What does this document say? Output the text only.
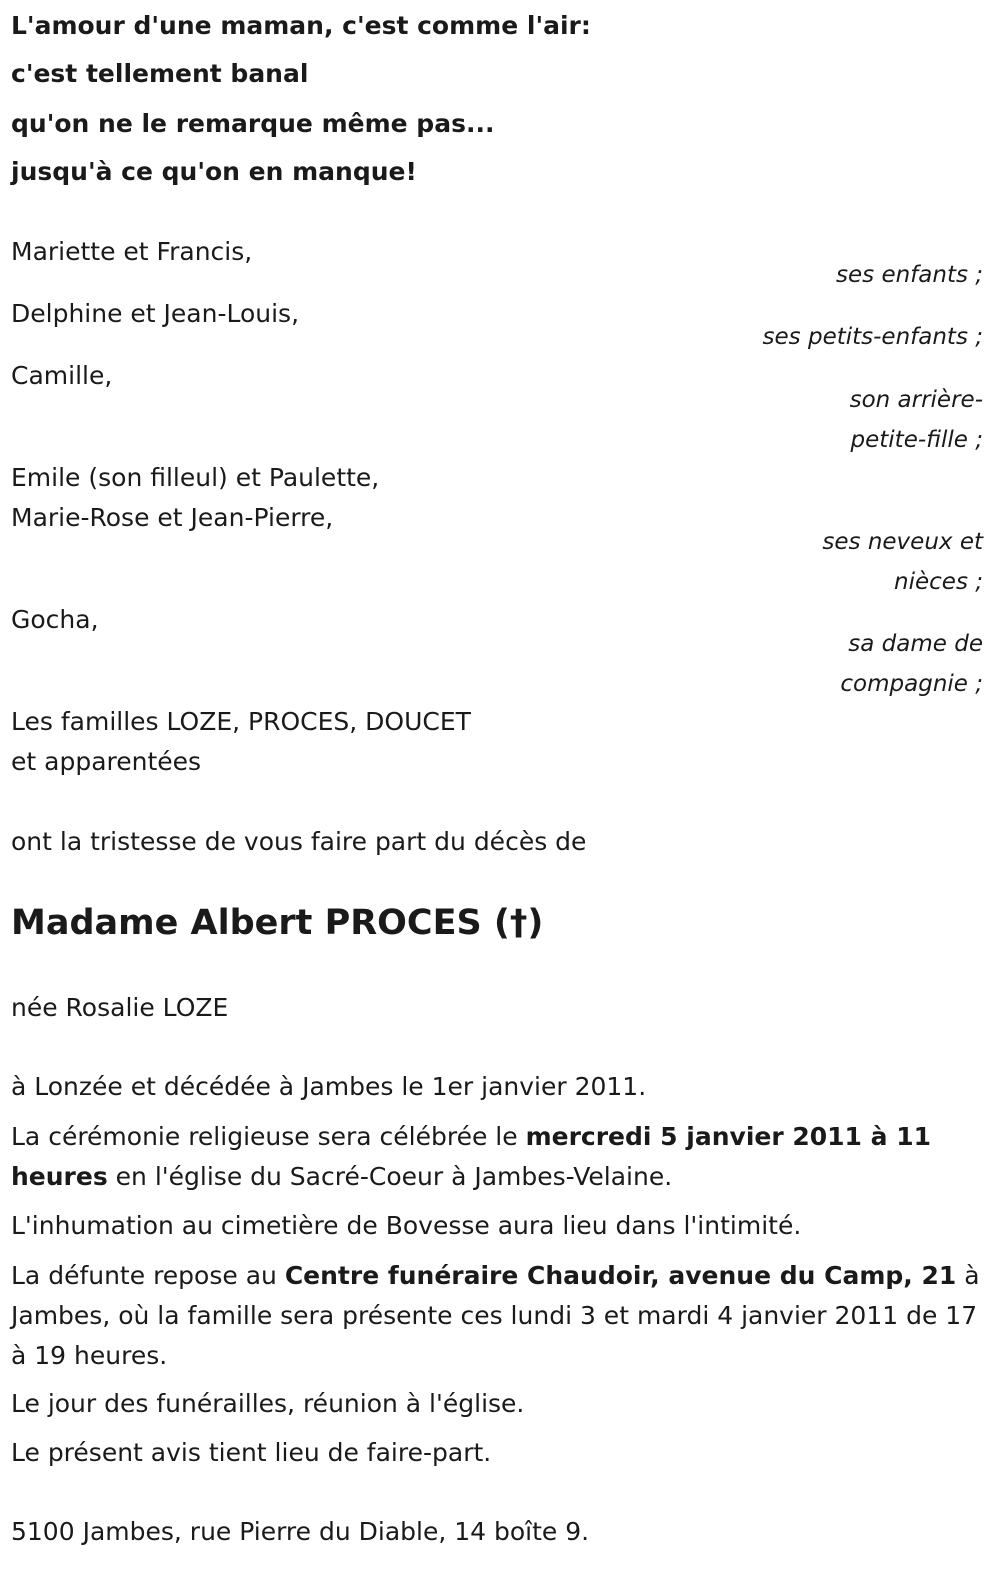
L'amour d'une maman, c'est comme l'air:
c'est tellement banal
qu'on ne le remarque même pas...
jusqu'à ce qu'on en manque!
Mariette et Francis,
ses enfants ;
Delphine et Jean-Louis,
ses petits-enfants ;
Camille,
son arrière-
petite-fille ;
Emile (son filleul) et Paulette,
Marie-Rose et Jean-Pierre,
ses neveux et
nièces ;
Gocha,
sa dame de
compagnie ;
Les familles LOZE, PROCES, DOUCET
et apparentées
ont la tristesse de vous faire part du décès de
Madame Albert PROCES (†)
née Rosalie LOZE
à Lonzée et décédée à Jambes le 1er janvier 2011.
La cérémonie religieuse sera célébrée le mercredi 5 janvier 2011 à 11 heures en l'église du Sacré-Coeur à Jambes-Velaine.
L'inhumation au cimetière de Bovesse aura lieu dans l'intimité.
La défunte repose au Centre funéraire Chaudoir, avenue du Camp, 21 à Jambes, où la famille sera présente ces lundi 3 et mardi 4 janvier 2011 de 17 à 19 heures.
Le jour des funérailles, réunion à l'église.
Le présent avis tient lieu de faire-part.
5100 Jambes, rue Pierre du Diable, 14 boîte 9.
